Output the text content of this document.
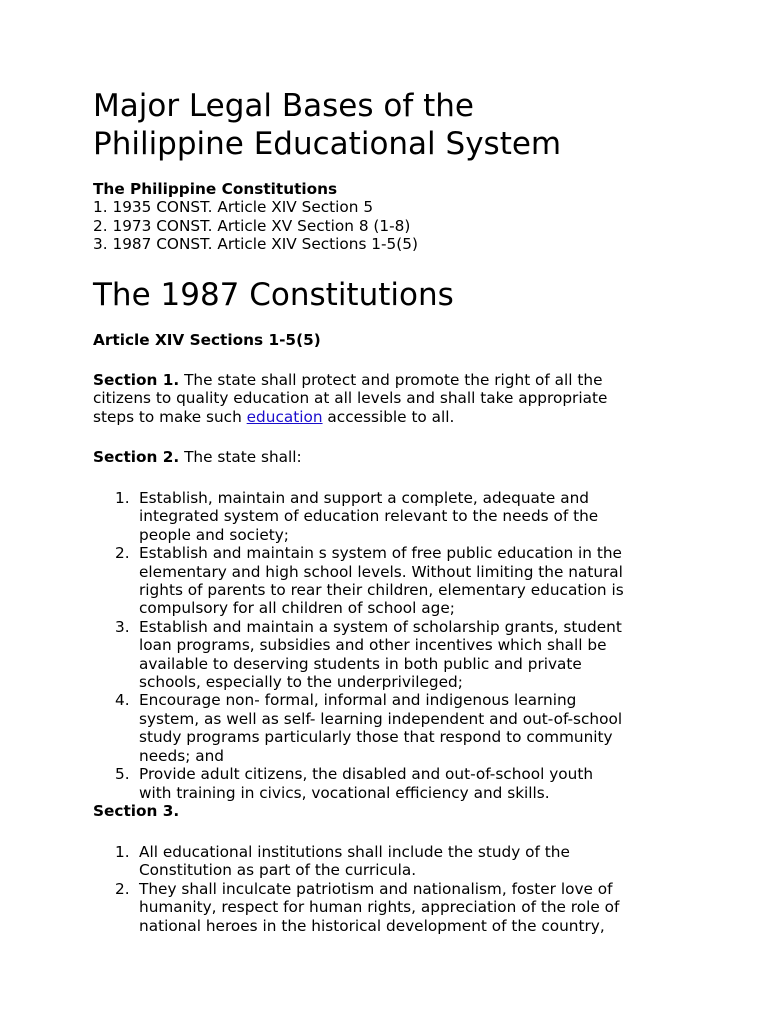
Major Legal Bases of the
Philippine Educational System
The Philippine Constitutions
1. 1935 CONST. Article XIV Section 5
2. 1973 CONST. Article XV Section 8 (1-8)
3. 1987 CONST. Article XIV Sections 1-5(5)
The 1987 Constitutions
Article XIV Sections 1-5(5)
Section 1. The state shall protect and promote the right of all the
citizens to quality education at all levels and shall take appropriate
steps to make such education accessible to all.
Section 2. The state shall:
1. Establish, maintain and support a complete, adequate and
integrated system of education relevant to the needs of the
people and society;
2. Establish and maintain s system of free public education in the
elementary and high school levels. Without limiting the natural
rights of parents to rear their children, elementary education is
compulsory for all children of school age;
3. Establish and maintain a system of scholarship grants, student
loan programs, subsidies and other incentives which shall be
available to deserving students in both public and private
schools, especially to the underprivileged;
4. Encourage non- formal, informal and indigenous learning
system, as well as self- learning independent and out-of-school
study programs particularly those that respond to community
needs; and
5. Provide adult citizens, the disabled and out-of-school youth
with training in civics, vocational efficiency and skills.
Section 3.
1. All educational institutions shall include the study of the
Constitution as part of the curricula.
2. They shall inculcate patriotism and nationalism, foster love of
humanity, respect for human rights, appreciation of the role of
national heroes in the historical development of the country,
